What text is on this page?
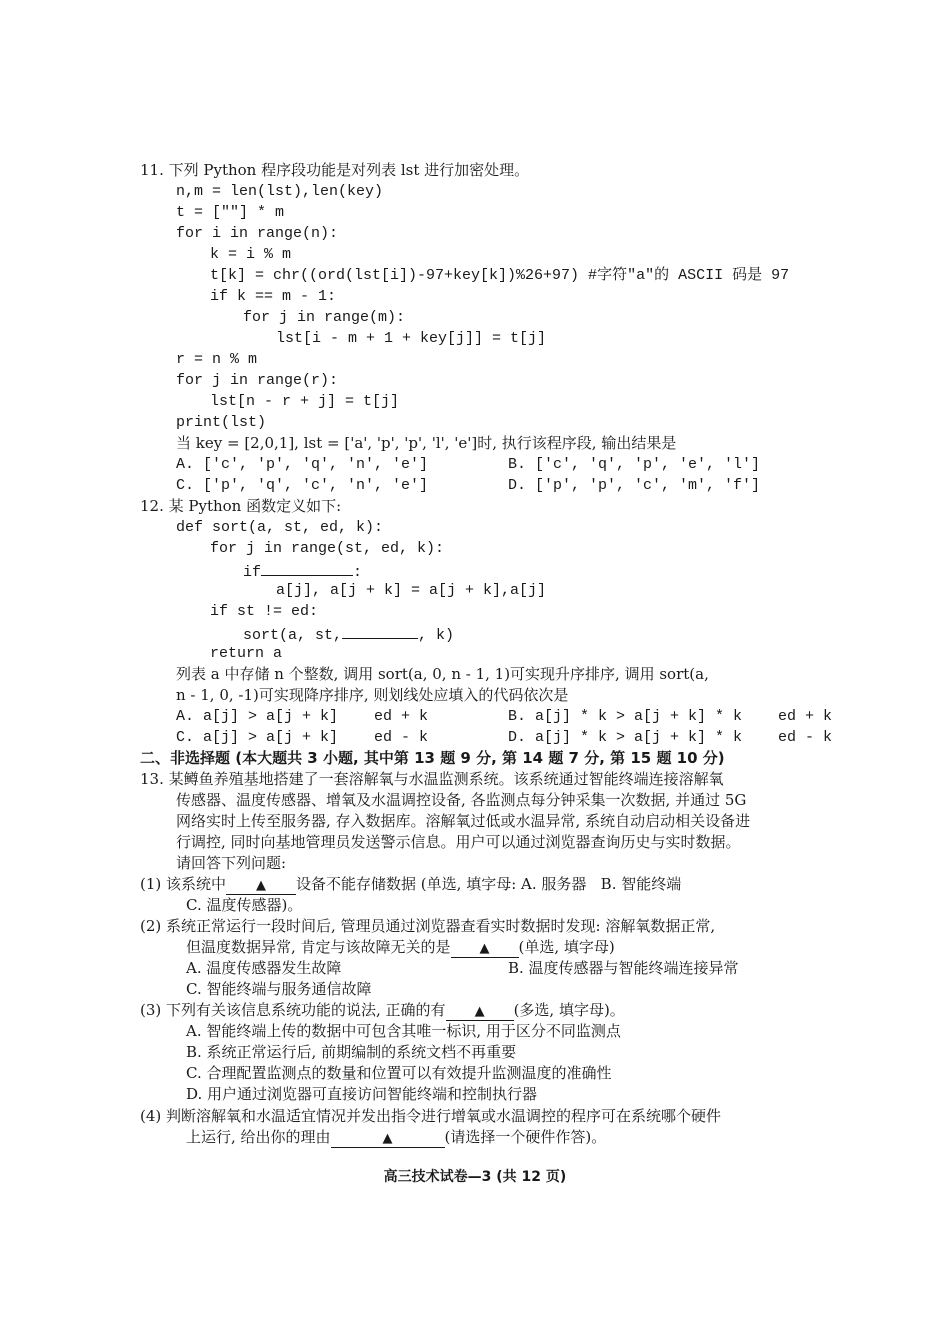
11. 下列 Python 程序段功能是对列表 lst 进行加密处理。
n,m = len(lst),len(key)
t = [""] * m
for i in range(n):
k = i % m
t[k] = chr((ord(lst[i])-97+key[k])%26+97) #字符"a"的 ASCII 码是 97
if k == m - 1:
for j in range(m):
lst[i - m + 1 + key[j]] = t[j]
r = n % m
for j in range(r):
lst[n - r + j] = t[j]
print(lst)
当 key = [2,0,1], lst = ['a', 'p', 'p', 'l', 'e']时, 执行该程序段, 输出结果是
A. ['c', 'p', 'q', 'n', 'e']	B. ['c', 'q', 'p', 'e', 'l']
C. ['p', 'q', 'c', 'n', 'e']	D. ['p', 'p', 'c', 'm', 'f']
12. 某 Python 函数定义如下:
def sort(a, st, ed, k):
for j in range(st, ed, k):
if	:
a[j], a[j + k] = a[j + k],a[j]
if st != ed:
sort(a, st,	, k)
return a
列表 a 中存储 n 个整数, 调用 sort(a, 0, n - 1, 1)可实现升序排序, 调用 sort(a,
n - 1, 0, -1)可实现降序排序, 则划线处应填入的代码依次是
A. a[j] > a[j + k]    ed + k	B. a[j] * k > a[j + k] * k    ed + k
C. a[j] > a[j + k]    ed - k	D. a[j] * k > a[j + k] * k    ed - k
二、非选择题 (本大题共 3 小题, 其中第 13 题 9 分, 第 14 题 7 分, 第 15 题 10 分)
13. 某鳟鱼养殖基地搭建了一套溶解氧与水温监测系统。该系统通过智能终端连接溶解氧
传感器、温度传感器、增氧及水温调控设备, 各监测点每分钟采集一次数据, 并通过 5G
网络实时上传至服务器, 存入数据库。溶解氧过低或水温异常, 系统自动启动相关设备进
行调控, 同时向基地管理员发送警示信息。用户可以通过浏览器查询历史与实时数据。
请回答下列问题:
(1) 该系统中 ▲ 设备不能存储数据 (单选, 填字母: A. 服务器   B. 智能终端
C. 温度传感器)。
(2) 系统正常运行一段时间后, 管理员通过浏览器查看实时数据时发现: 溶解氧数据正常,
但温度数据异常, 肯定与该故障无关的是 ▲ (单选, 填字母)
A. 温度传感器发生故障	B. 温度传感器与智能终端连接异常
C. 智能终端与服务通信故障
(3) 下列有关该信息系统功能的说法, 正确的有 ▲ (多选, 填字母)。
A. 智能终端上传的数据中可包含其唯一标识, 用于区分不同监测点
B. 系统正常运行后, 前期编制的系统文档不再重要
C. 合理配置监测点的数量和位置可以有效提升监测温度的准确性
D. 用户通过浏览器可直接访问智能终端和控制执行器
(4) 判断溶解氧和水温适宜情况并发出指令进行增氧或水温调控的程序可在系统哪个硬件
上运行, 给出你的理由	▲	(请选择一个硬件作答)。
高三技术试卷—3 (共 12 页)
